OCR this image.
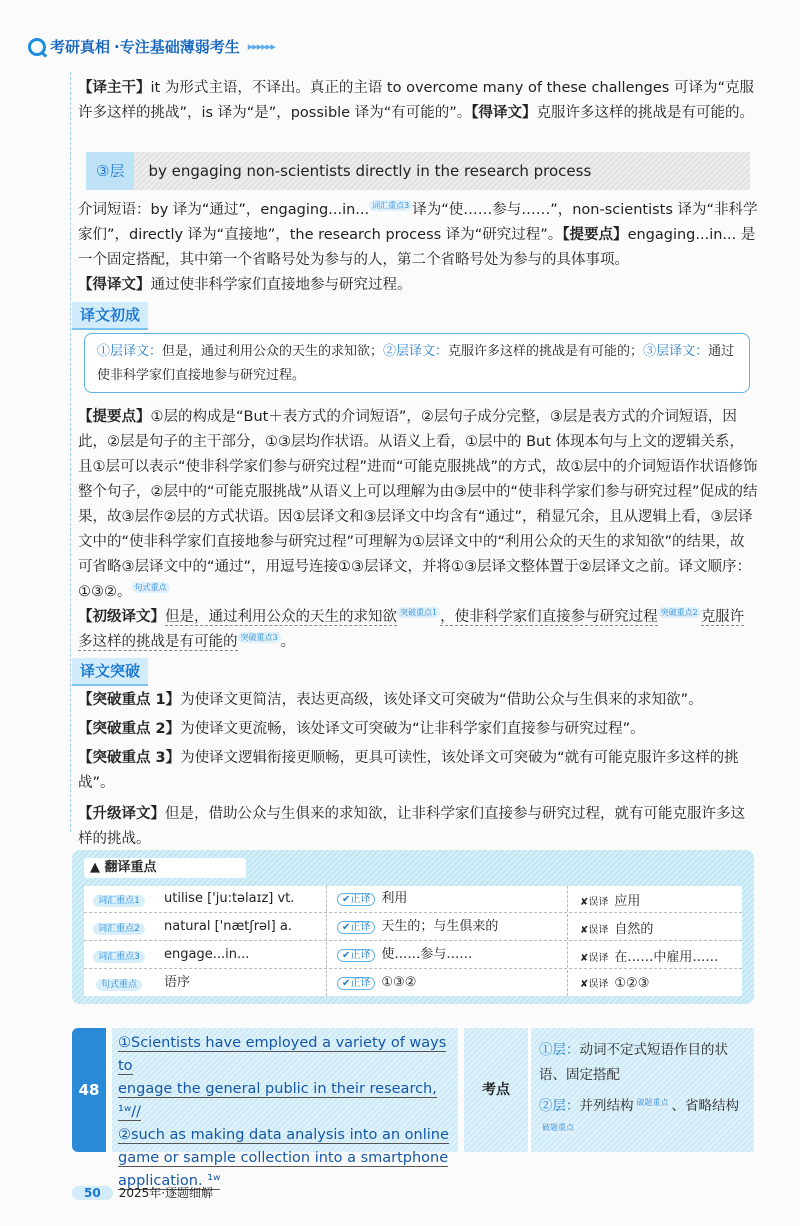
考研真相 ·专注基础薄弱考生 ▸▸▸▸▸▸
【译主干】it 为形式主语，不译出。真正的主语 to overcome many of these challenges 可译为“克服许多这样的挑战”，is 译为“是”，possible 译为“有可能的”。【得译文】克服许多这样的挑战是有可能的。
③层	by engaging non-scientists directly in the research process
介词短语：by 译为“通过”，engaging...in... 词汇重点3 译为“使……参与……”，non-scientists 译为“非科学家们”，directly 译为“直接地”，the research process 译为“研究过程”。【提要点】engaging...in... 是一个固定搭配，其中第一个省略号处为参与的人，第二个省略号处为参与的具体事项。
【得译文】通过使非科学家们直接地参与研究过程。
译文初成
①层译文：但是，通过利用公众的天生的求知欲；②层译文：克服许多这样的挑战是有可能的；③层译文：通过使非科学家们直接地参与研究过程。
【提要点】①层的构成是“But＋表方式的介词短语”，②层句子成分完整，③层是表方式的介词短语，因此，②层是句子的主干部分，①③层均作状语。从语义上看，①层中的 But 体现本句与上文的逻辑关系，且①层可以表示“使非科学家们参与研究过程”进而“可能克服挑战”的方式，故①层中的介词短语作状语修饰整个句子，②层中的“可能克服挑战”从语义上可以理解为由③层中的“使非科学家们参与研究过程”促成的结果，故③层作②层的方式状语。因①层译文和③层译文中均含有“通过”，稍显冗余，且从逻辑上看，③层译文中的“使非科学家们直接地参与研究过程”可理解为①层译文中的“利用公众的天生的求知欲”的结果，故可省略③层译文中的“通过”，用逗号连接①③层译文，并将①③层译文整体置于②层译文之前。译文顺序：①③②。 句式重点
【初级译文】但是，通过利用公众的天生的求知欲 突破重点1 ，使非科学家们直接参与研究过程 突破重点2 克服许多这样的挑战是有可能的 突破重点3 。
译文突破
【突破重点 1】为使译文更简洁，表达更高级，该处译文可突破为“借助公众与生俱来的求知欲”。
【突破重点 2】为使译文更流畅，该处译文可突破为“让非科学家们直接参与研究过程”。
【突破重点 3】为使译文逻辑衔接更顺畅，更具可读性，该处译文可突破为“就有可能克服许多这样的挑战”。
【升级译文】但是，借助公众与生俱来的求知欲，让非科学家们直接参与研究过程，就有可能克服许多这样的挑战。
▲ 翻译重点
词汇重点1	utilise ['ju:təlaɪz] vt.	✔正译 利用	✘误译 应用
词汇重点2	natural ['nætʃrəl] a.	✔正译 天生的；与生俱来的	✘误译 自然的
词汇重点3	engage...in...	✔正译 使……参与……	✘误译 在……中雇用……
句式重点	语序	✔正译 ①③②	✘误译 ①②③
48
①Scientists have employed a variety of ways to
engage the general public in their research, ¹ʷ//
②such as making data analysis into an online
game or sample collection into a smartphone
application. ¹ʷ
考点
①层：动词不定式短语作目的状语、固定搭配
②层：并列结构 破题重点 、省略结构破题重点
50	2025年·逐题细解
